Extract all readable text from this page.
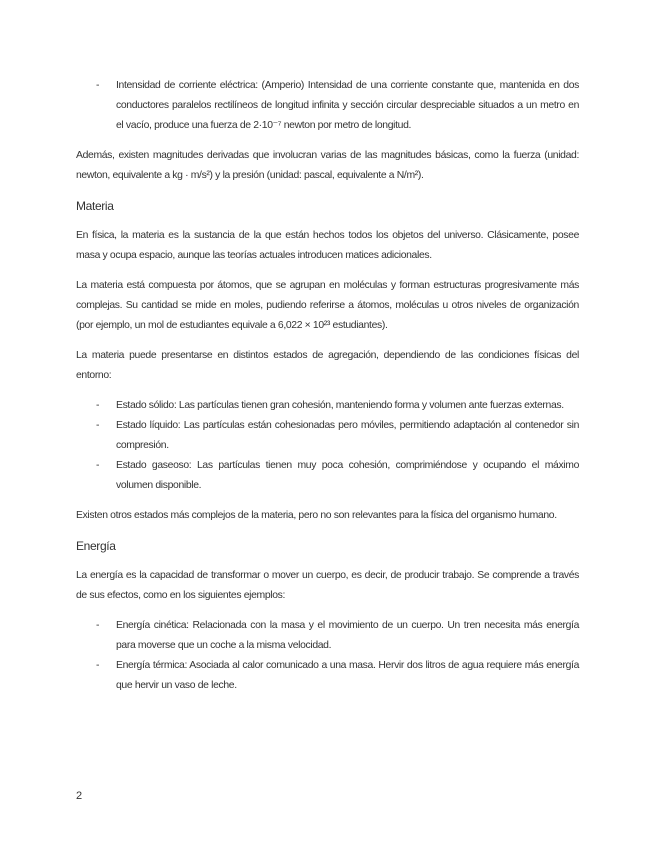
- Intensidad de corriente eléctrica: (Amperio) Intensidad de una corriente constante que, mantenida en dos conductores paralelos rectilíneos de longitud infinita y sección circular despreciable situados a un metro en el vacío, produce una fuerza de 2·10⁻⁷ newton por metro de longitud.

Además, existen magnitudes derivadas que involucran varias de las magnitudes básicas, como la fuerza (unidad: newton, equivalente a kg · m/s²) y la presión (unidad: pascal, equivalente a N/m²).

Materia

En física, la materia es la sustancia de la que están hechos todos los objetos del universo. Clásicamente, posee masa y ocupa espacio, aunque las teorías actuales introducen matices adicionales.

La materia está compuesta por átomos, que se agrupan en moléculas y forman estructuras progresivamente más complejas. Su cantidad se mide en moles, pudiendo referirse a átomos, moléculas u otros niveles de organización (por ejemplo, un mol de estudiantes equivale a 6,022 × 10²³ estudiantes).

La materia puede presentarse en distintos estados de agregación, dependiendo de las condiciones físicas del entorno:

- Estado sólido: Las partículas tienen gran cohesión, manteniendo forma y volumen ante fuerzas externas.
- Estado líquido: Las partículas están cohesionadas pero móviles, permitiendo adaptación al contenedor sin compresión.
- Estado gaseoso: Las partículas tienen muy poca cohesión, comprimiéndose y ocupando el máximo volumen disponible.

Existen otros estados más complejos de la materia, pero no son relevantes para la física del organismo humano.

Energía

La energía es la capacidad de transformar o mover un cuerpo, es decir, de producir trabajo. Se comprende a través de sus efectos, como en los siguientes ejemplos:

- Energía cinética: Relacionada con la masa y el movimiento de un cuerpo. Un tren necesita más energía para moverse que un coche a la misma velocidad.
- Energía térmica: Asociada al calor comunicado a una masa. Hervir dos litros de agua requiere más energía que hervir un vaso de leche.
2
